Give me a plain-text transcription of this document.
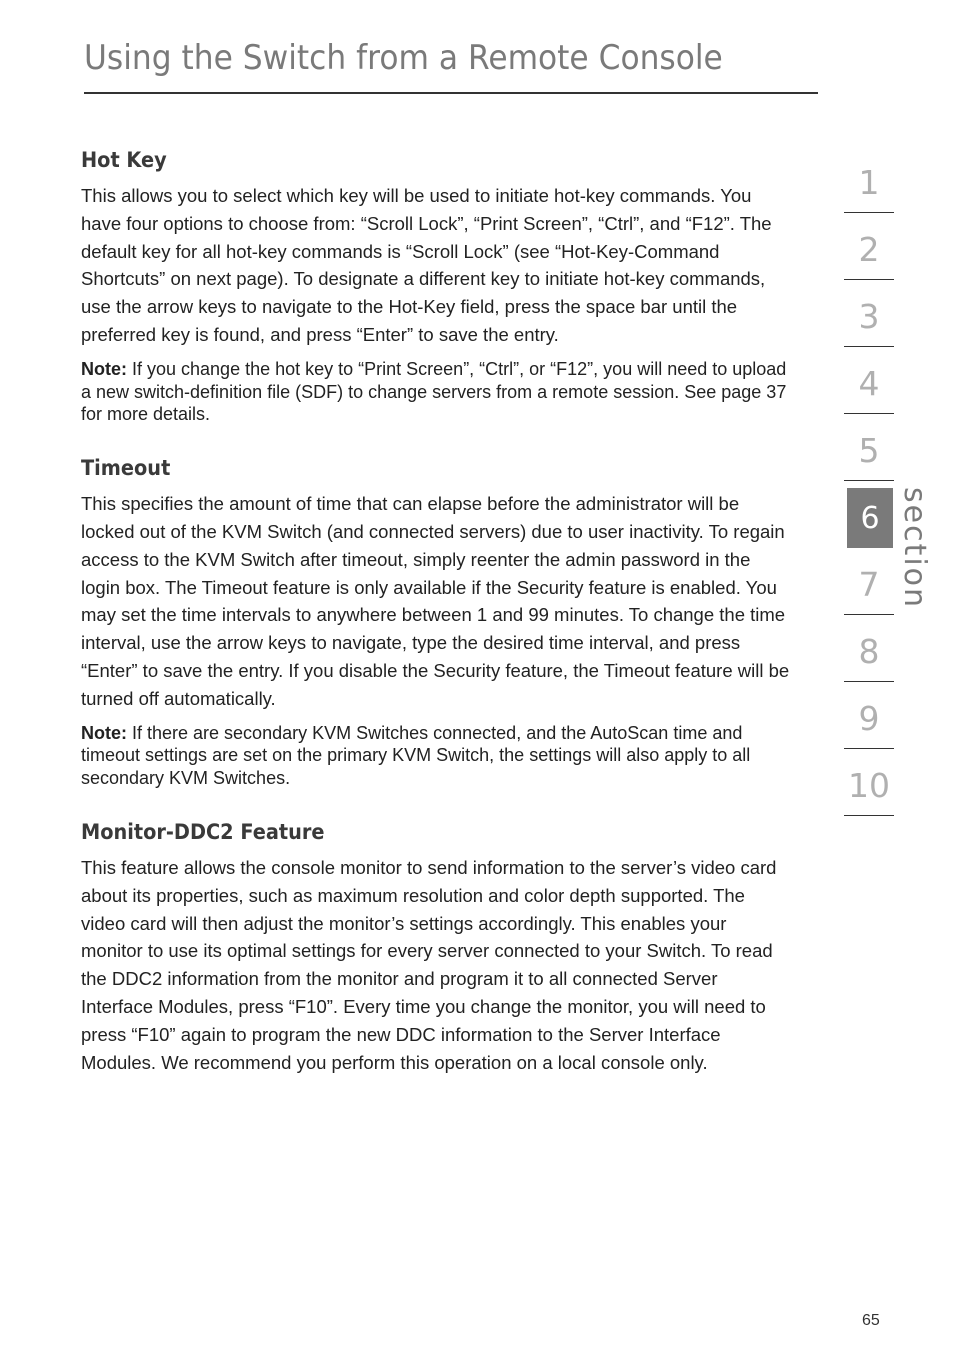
Using the Switch from a Remote Console
Hot Key

This allows you to select which key will be used to initiate hot-key commands. You have four options to choose from: “Scroll Lock”, “Print Screen”, “Ctrl”, and “F12”. The default key for all hot-key commands is “Scroll Lock” (see “Hot-Key-Command Shortcuts” on next page). To designate a different key to initiate hot-key commands, use the arrow keys to navigate to the Hot-Key field, press the space bar until the preferred key is found, and press “Enter” to save the entry.

Note: If you change the hot key to “Print Screen”, “Ctrl”, or “F12”, you will need to upload a new switch-definition file (SDF) to change servers from a remote session. See page 37 for more details.

Timeout

This specifies the amount of time that can elapse before the administrator will be locked out of the KVM Switch (and connected servers) due to user inactivity. To regain access to the KVM Switch after timeout, simply reenter the admin password in the login box. The Timeout feature is only available if the Security feature is enabled. You may set the time intervals to anywhere between 1 and 99 minutes. To change the time interval, use the arrow keys to navigate, type the desired time interval, and press “Enter” to save the entry. If you disable the Security feature, the Timeout feature will be turned off automatically.

Note: If there are secondary KVM Switches connected, and the AutoScan time and timeout settings are set on the primary KVM Switch, the settings will also apply to all secondary KVM Switches.

Monitor-DDC2 Feature

This feature allows the console monitor to send information to the server’s video card about its properties, such as maximum resolution and color depth supported. The video card will then adjust the monitor’s settings accordingly. This enables your monitor to use its optimal settings for every server connected to your Switch. To read the DDC2 information from the monitor and program it to all connected Server Interface Modules, press “F10”. Every time you change the monitor, you will need to press “F10” again to program the new DDC information to the Server Interface Modules. We recommend you perform this operation on a local console only.

1
2
3
4
5
6
7
8
9
10
section
65
